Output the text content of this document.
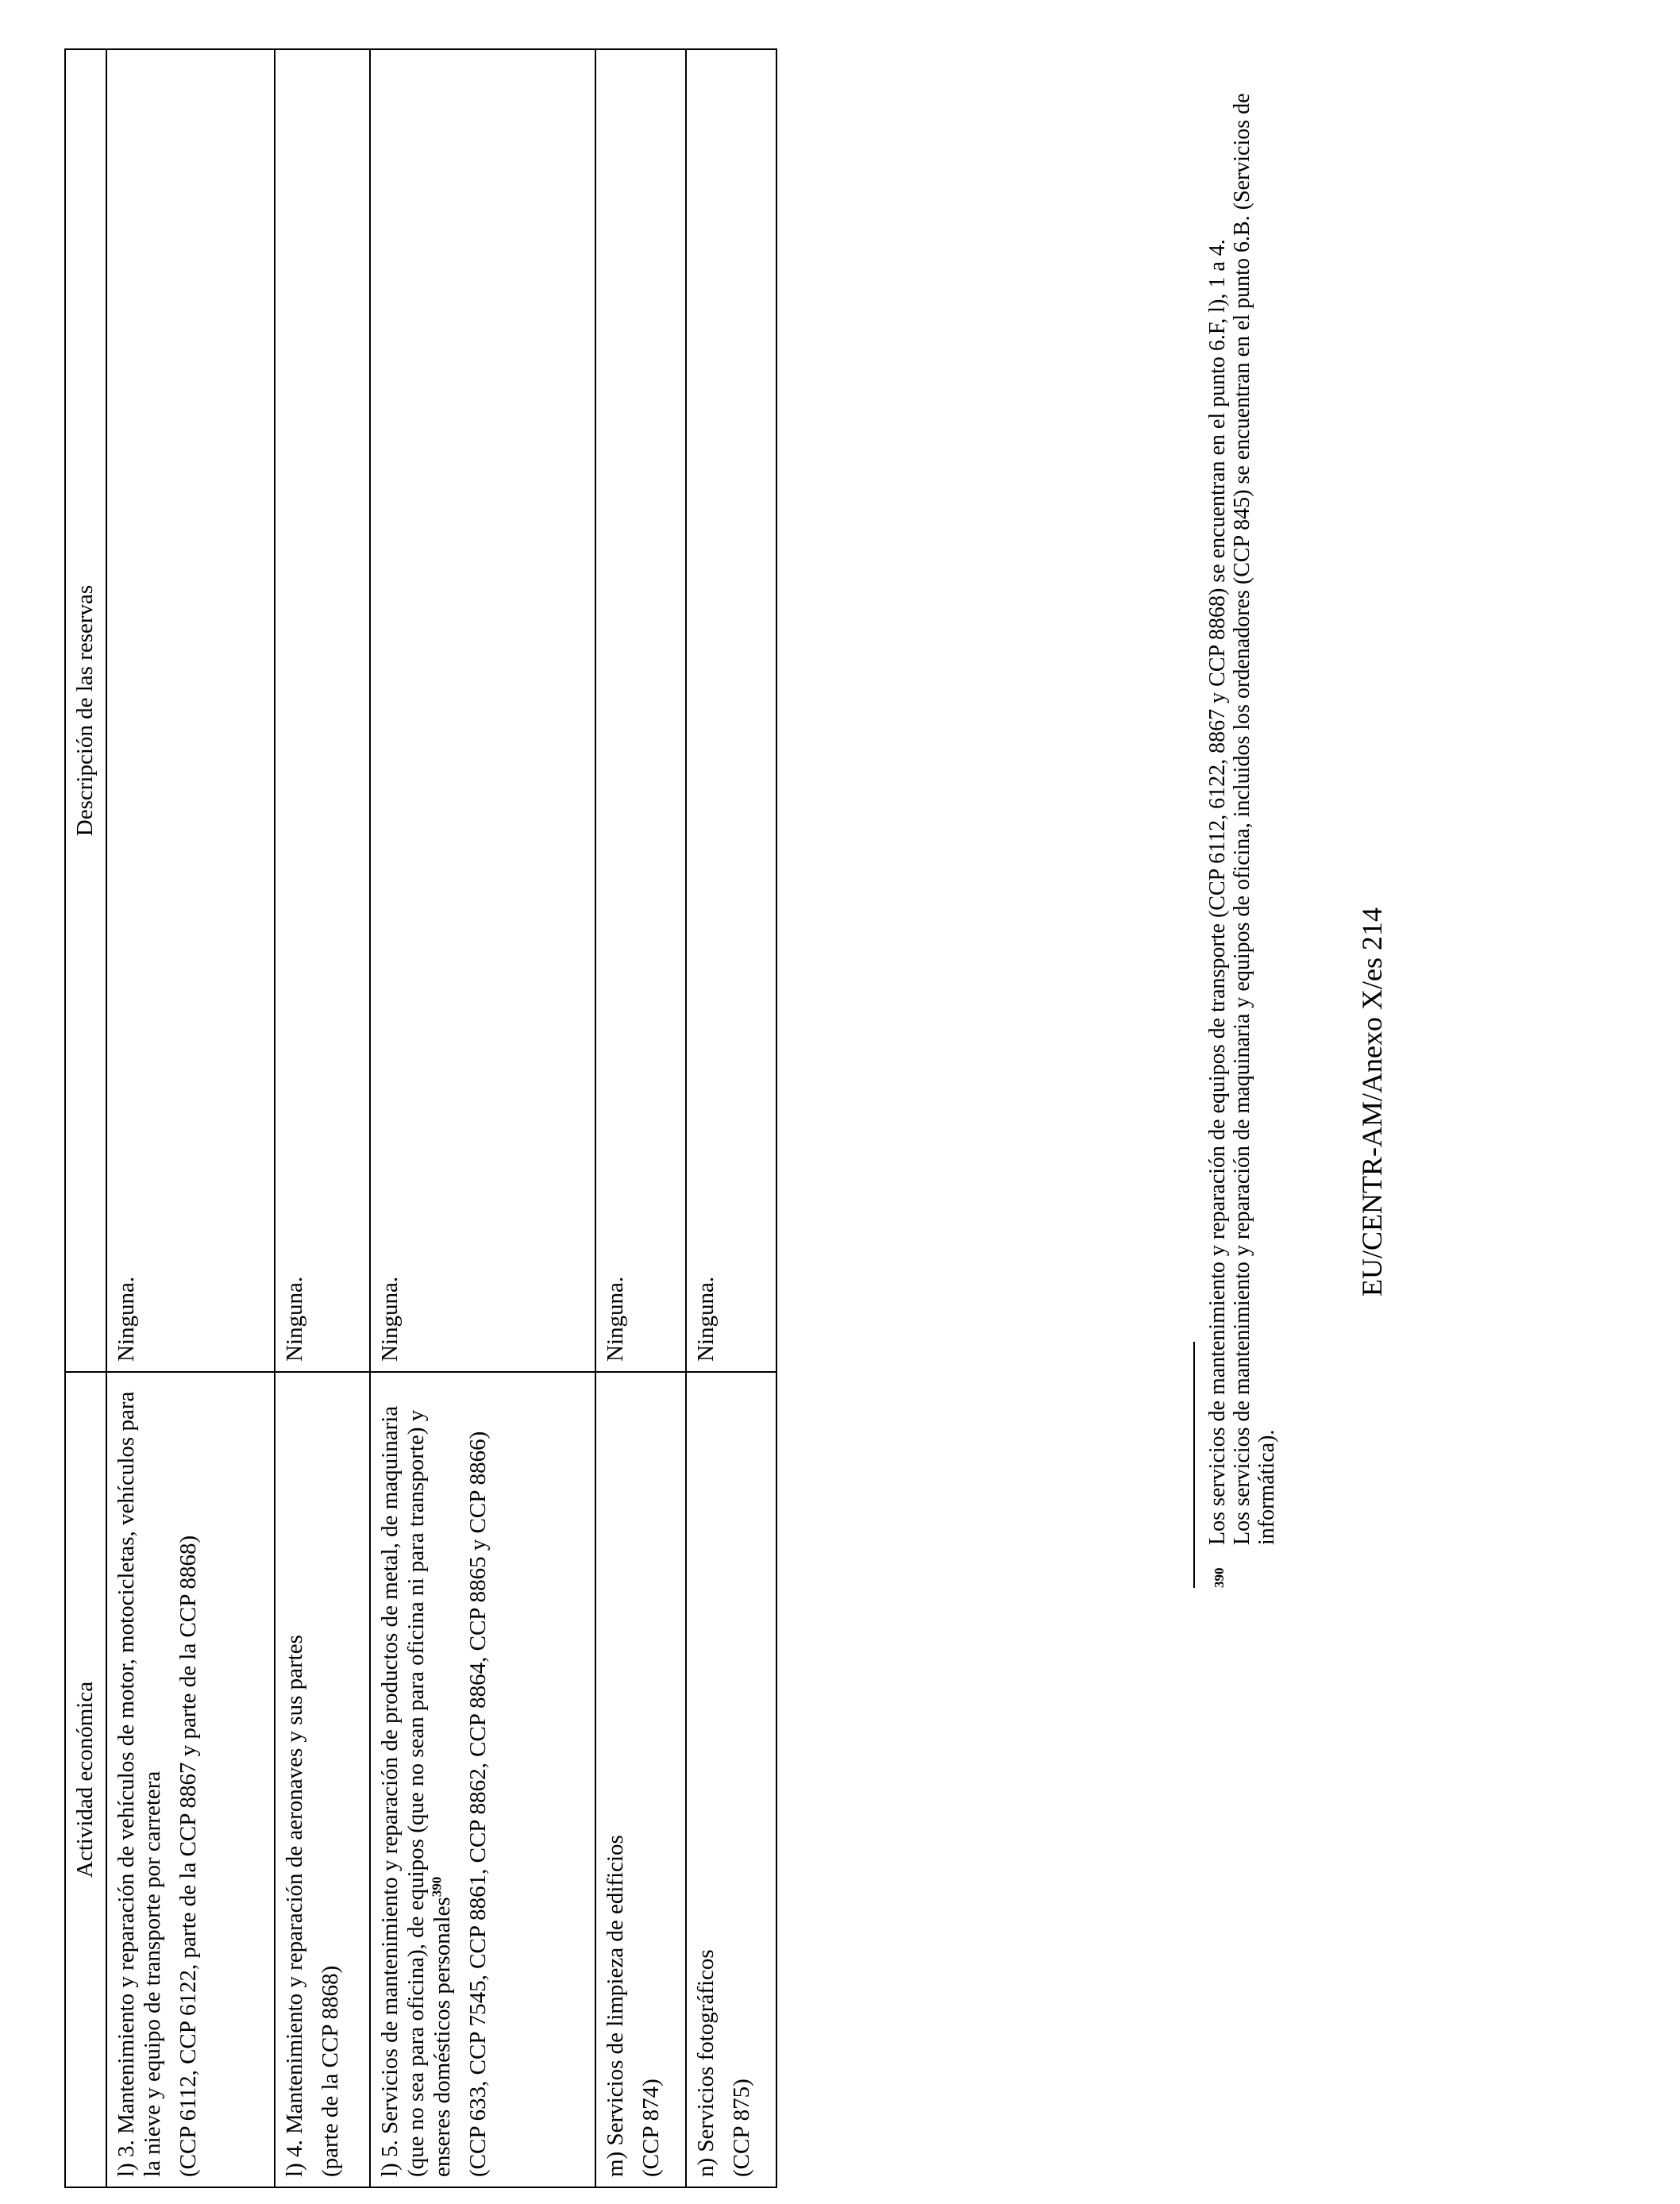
Actividad económica	Descripción de las reservas

l) 3. Mantenimiento y reparación de vehículos de motor, motocicletas, vehículos para la nieve y equipo de transporte por carretera (CCP 6112, CCP 6122, parte de la CCP 8867 y parte de la CCP 8868)	Ninguna.

l) 4. Mantenimiento y reparación de aeronaves y sus partes (parte de la CCP 8868)	Ninguna.

l) 5. Servicios de mantenimiento y reparación de productos de metal, de maquinaria (que no sea para oficina), de equipos (que no sean para oficina ni para transporte) y enseres domésticos personales$^{390}$ (CCP 633, CCP 7545, CCP 8861, CCP 8862, CCP 8864, CCP 8865 y CCP 8866)	Ninguna.

m) Servicios de limpieza de edificios (CCP 874)	Ninguna.

n) Servicios fotográficos (CCP 875)	Ninguna.
390

Los servicios de mantenimiento y reparación de equipos de transporte (CCP 6112, 6122, 8867 y CCP 8868) se encuentran en el punto 6.F, l), 1 a 4. Los servicios de mantenimiento y reparación de maquinaria y equipos de oficina, incluidos los ordenadores (CCP 845) se encuentran en el punto 6.B. (Servicios de informática).

EU/CENTR-AM/Anexo X/es 214
